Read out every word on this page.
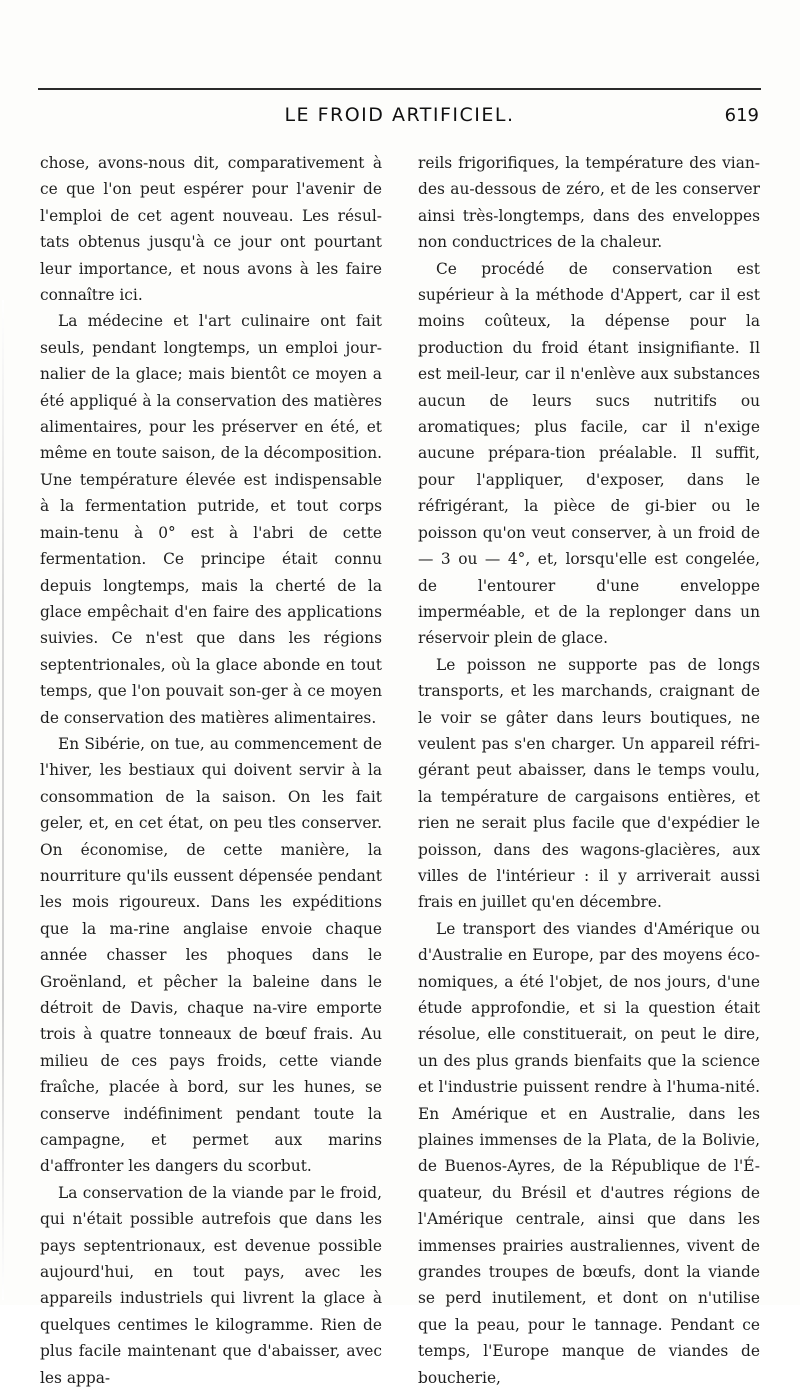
LE FROID ARTIFICIEL.	619

chose, avons-nous dit, comparativement à ce que l'on peut espérer pour l'avenir de l'emploi de cet agent nouveau. Les résul-tats obtenus jusqu'à ce jour ont pourtant leur importance, et nous avons à les faire connaître ici.

La médecine et l'art culinaire ont fait seuls, pendant longtemps, un emploi jour-nalier de la glace; mais bientôt ce moyen a été appliqué à la conservation des matières alimentaires, pour les préserver en été, et même en toute saison, de la décomposition. Une température élevée est indispensable à la fermentation putride, et tout corps main-tenu à 0° est à l'abri de cette fermentation. Ce principe était connu depuis longtemps, mais la cherté de la glace empêchait d'en faire des applications suivies. Ce n'est que dans les régions septentrionales, où la glace abonde en tout temps, que l'on pouvait son-ger à ce moyen de conservation des matières alimentaires.

En Sibérie, on tue, au commencement de l'hiver, les bestiaux qui doivent servir à la consommation de la saison. On les fait geler, et, en cet état, on peu tles conserver. On économise, de cette manière, la nourriture qu'ils eussent dépensée pendant les mois rigoureux. Dans les expéditions que la ma-rine anglaise envoie chaque année chasser les phoques dans le Groënland, et pêcher la baleine dans le détroit de Davis, chaque na-vire emporte trois à quatre tonneaux de bœuf frais. Au milieu de ces pays froids, cette viande fraîche, placée à bord, sur les hunes, se conserve indéfiniment pendant toute la campagne, et permet aux marins d'affronter les dangers du scorbut.

La conservation de la viande par le froid, qui n'était possible autrefois que dans les pays septentrionaux, est devenue possible aujourd'hui, en tout pays, avec les appareils industriels qui livrent la glace à quelques centimes le kilogramme. Rien de plus facile maintenant que d'abaisser, avec les appa-

reils frigorifiques, la température des vian-des au-dessous de zéro, et de les conserver ainsi très-longtemps, dans des enveloppes non conductrices de la chaleur.

Ce procédé de conservation est supérieur à la méthode d'Appert, car il est moins coûteux, la dépense pour la production du froid étant insignifiante. Il est meil-leur, car il n'enlève aux substances aucun de leurs sucs nutritifs ou aromatiques; plus facile, car il n'exige aucune prépara-tion préalable. Il suffit, pour l'appliquer, d'exposer, dans le réfrigérant, la pièce de gi-bier ou le poisson qu'on veut conserver, à un froid de — 3 ou — 4°, et, lorsqu'elle est congelée, de l'entourer d'une enveloppe imperméable, et de la replonger dans un réservoir plein de glace.

Le poisson ne supporte pas de longs transports, et les marchands, craignant de le voir se gâter dans leurs boutiques, ne veulent pas s'en charger. Un appareil réfri-gérant peut abaisser, dans le temps voulu, la température de cargaisons entières, et rien ne serait plus facile que d'expédier le poisson, dans des wagons-glacières, aux villes de l'intérieur : il y arriverait aussi frais en juillet qu'en décembre.

Le transport des viandes d'Amérique ou d'Australie en Europe, par des moyens éco-nomiques, a été l'objet, de nos jours, d'une étude approfondie, et si la question était résolue, elle constituerait, on peut le dire, un des plus grands bienfaits que la science et l'industrie puissent rendre à l'huma-nité. En Amérique et en Australie, dans les plaines immenses de la Plata, de la Bolivie, de Buenos-Ayres, de la République de l'É-quateur, du Brésil et d'autres régions de l'Amérique centrale, ainsi que dans les immenses prairies australiennes, vivent de grandes troupes de bœufs, dont la viande se perd inutilement, et dont on n'utilise que la peau, pour le tannage. Pendant ce temps, l'Europe manque de viandes de boucherie,
